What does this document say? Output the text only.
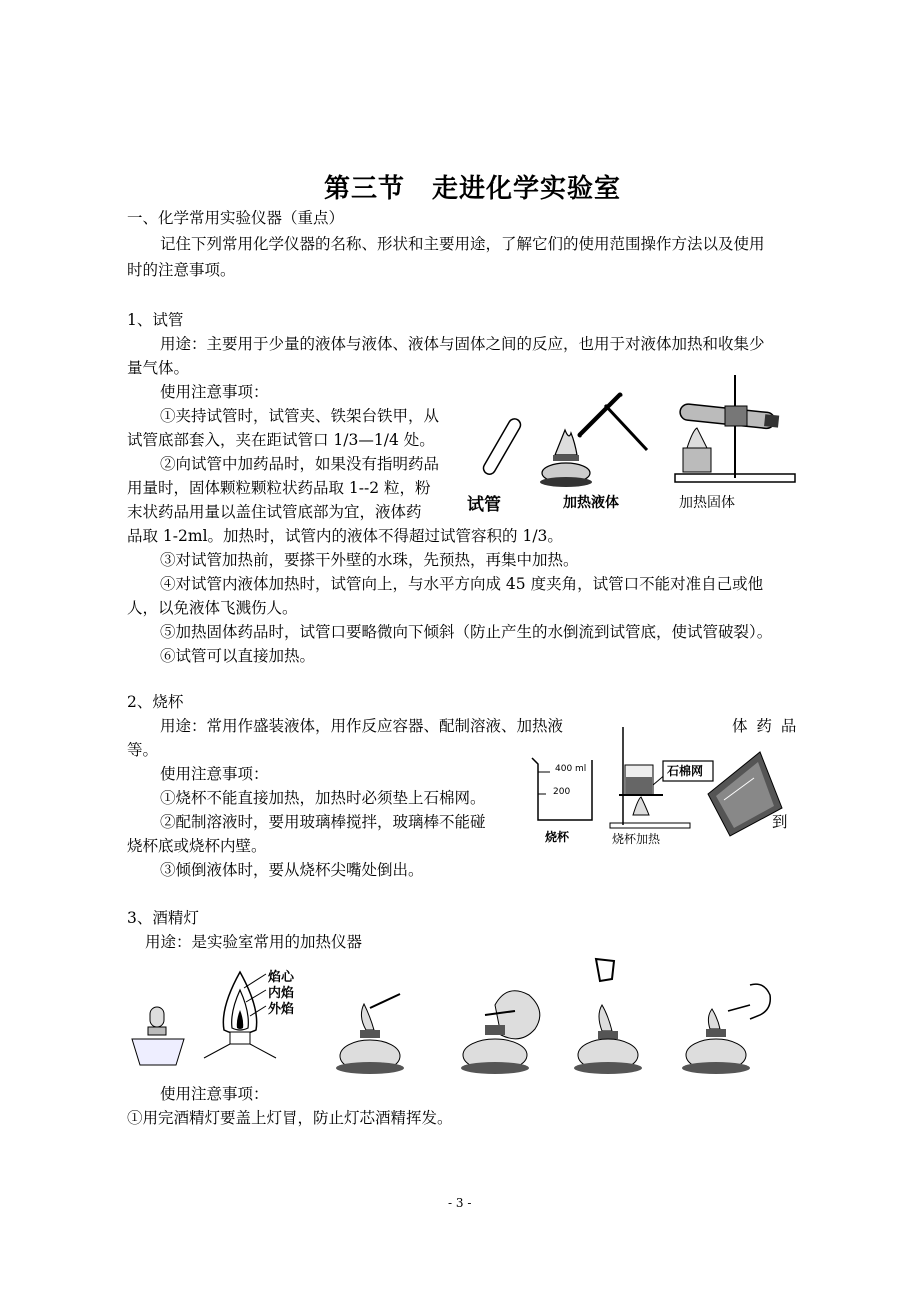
第三节　走进化学实验室
一、化学常用实验仪器（重点）
记住下列常用化学仪器的名称、形状和主要用途，了解它们的使用范围操作方法以及使用
时的注意事项。
1、试管
用途：主要用于少量的液体与液体、液体与固体之间的反应，也用于对液体加热和收集少
量气体。
使用注意事项：
①夹持试管时，试管夹、铁架台铁甲，从
试管底部套入，夹在距试管口 1/3—1/4 处。
②向试管中加药品时，如果没有指明药品
用量时，固体颗粒颗粒状药品取 1--2 粒，粉
末状药品用量以盖住试管底部为宜，液体药
品取 1-2ml。加热时，试管内的液体不得超过试管容积的 1/3。
③对试管加热前，要搽干外壁的水珠，先预热，再集中加热。
④对试管内液体加热时，试管向上，与水平方向成 45 度夹角，试管口不能对准自己或他
人，以免液体飞溅伤人。
⑤加热固体药品时，试管口要略微向下倾斜（防止产生的水倒流到试管底，使试管破裂）。
⑥试管可以直接加热。
试管	加热液体	加热固体
2、烧杯
用途：常用作盛装液体，用作反应容器、配制溶液、加热液	体 药 品
等。
使用注意事项：
①烧杯不能直接加热，加热时必须垫上石棉网。
②配制溶液时，要用玻璃棒搅拌，玻璃棒不能碰	到
烧杯底或烧杯内壁。
③倾倒液体时，要从烧杯尖嘴处倒出。
400 ml
200
烧杯
石棉网
烧杯加热
3、酒精灯
用途：是实验室常用的加热仪器
焰心
内焰
外焰
使用注意事项：
①用完酒精灯要盖上灯冒，防止灯芯酒精挥发。
- 3 -
